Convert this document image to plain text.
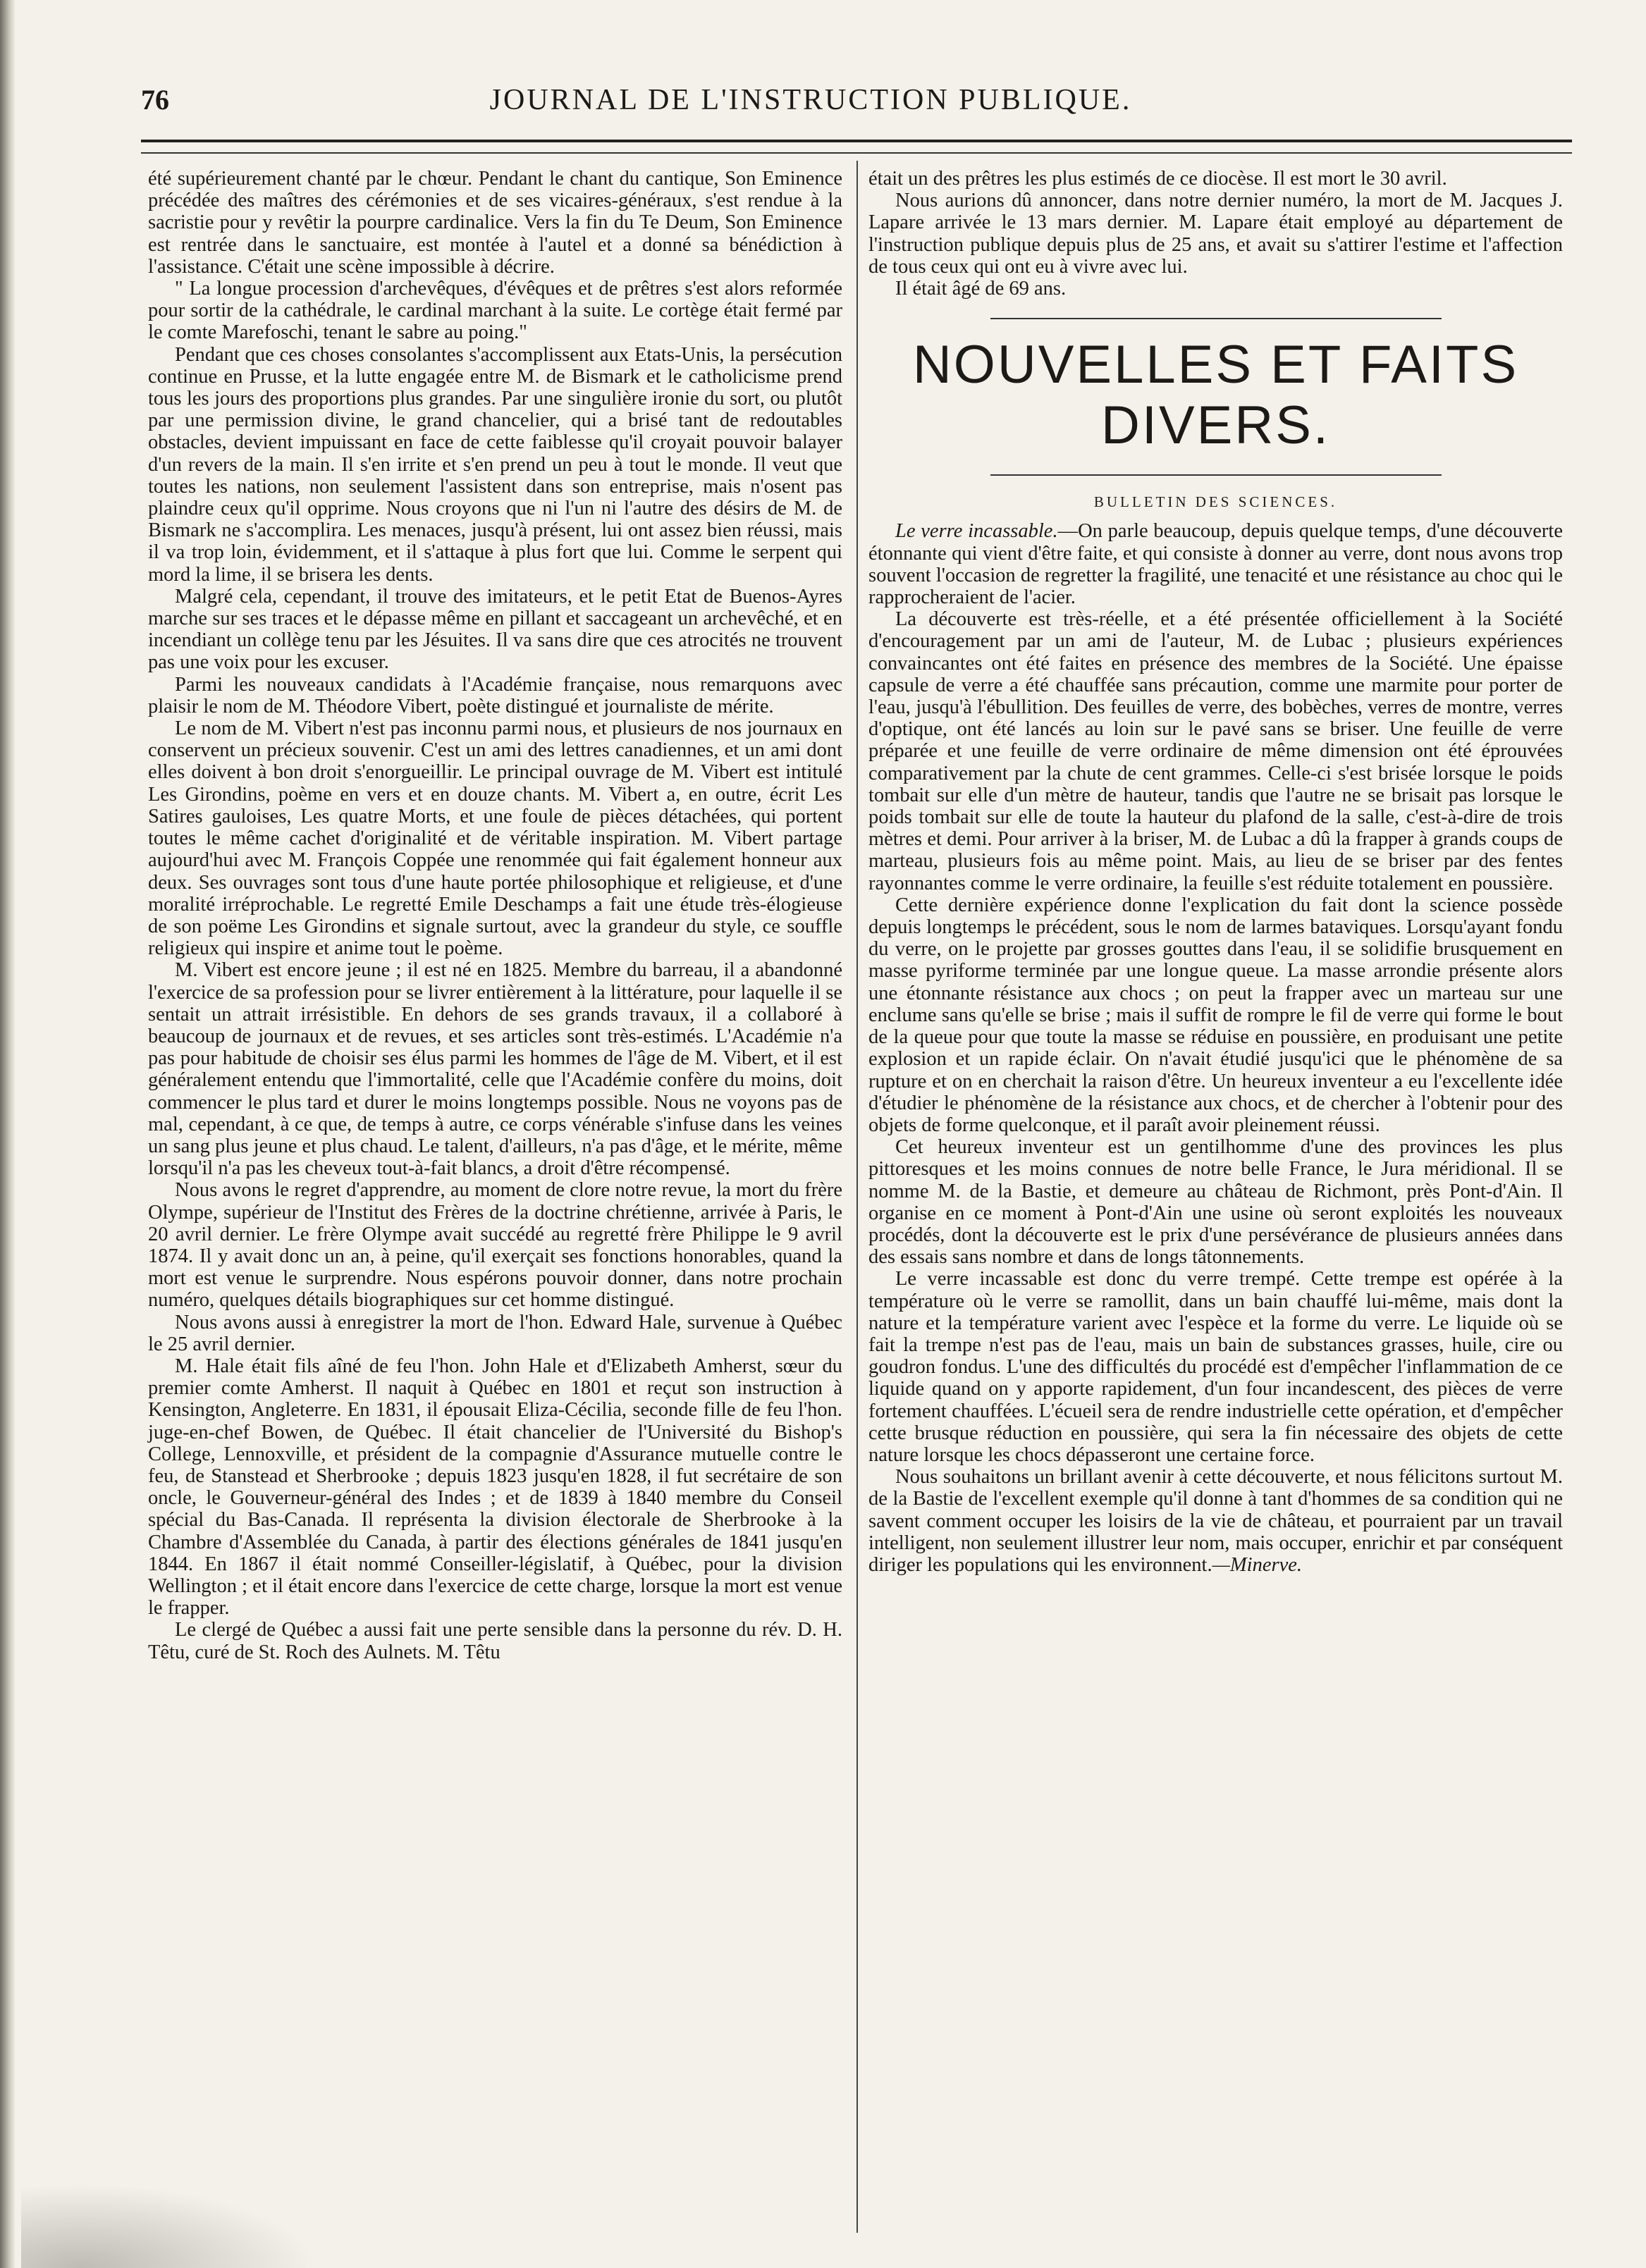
76	JOURNAL DE L'INSTRUCTION PUBLIQUE.

été supérieurement chanté par le chœur. Pendant le chant du cantique, Son Eminence précédée des maîtres des cérémonies et de ses vicaires-généraux, s'est rendue à la sacristie pour y revêtir la pourpre cardinalice. Vers la fin du Te Deum, Son Eminence est rentrée dans le sanctuaire, est montée à l'autel et a donné sa bénédiction à l'assistance. C'était une scène impossible à décrire.

" La longue procession d'archevêques, d'évêques et de prêtres s'est alors reformée pour sortir de la cathédrale, le cardinal marchant à la suite. Le cortège était fermé par le comte Marefoschi, tenant le sabre au poing."

Pendant que ces choses consolantes s'accomplissent aux Etats-Unis, la persécution continue en Prusse, et la lutte engagée entre M. de Bismark et le catholicisme prend tous les jours des proportions plus grandes. Par une singulière ironie du sort, ou plutôt par une permission divine, le grand chancelier, qui a brisé tant de redoutables obstacles, devient impuissant en face de cette faiblesse qu'il croyait pouvoir balayer d'un revers de la main. Il s'en irrite et s'en prend un peu à tout le monde. Il veut que toutes les nations, non seulement l'assistent dans son entreprise, mais n'osent pas plaindre ceux qu'il opprime. Nous croyons que ni l'un ni l'autre des désirs de M. de Bismark ne s'accomplira. Les menaces, jusqu'à présent, lui ont assez bien réussi, mais il va trop loin, évidemment, et il s'attaque à plus fort que lui. Comme le serpent qui mord la lime, il se brisera les dents.

Malgré cela, cependant, il trouve des imitateurs, et le petit Etat de Buenos-Ayres marche sur ses traces et le dépasse même en pillant et saccageant un archevêché, et en incendiant un collège tenu par les Jésuites. Il va sans dire que ces atrocités ne trouvent pas une voix pour les excuser.

Parmi les nouveaux candidats à l'Académie française, nous remarquons avec plaisir le nom de M. Théodore Vibert, poète distingué et journaliste de mérite.

Le nom de M. Vibert n'est pas inconnu parmi nous, et plusieurs de nos journaux en conservent un précieux souvenir. C'est un ami des lettres canadiennes, et un ami dont elles doivent à bon droit s'enorgueillir. Le principal ouvrage de M. Vibert est intitulé Les Girondins, poème en vers et en douze chants. M. Vibert a, en outre, écrit Les Satires gauloises, Les quatre Morts, et une foule de pièces détachées, qui portent toutes le même cachet d'originalité et de véritable inspiration. M. Vibert partage aujourd'hui avec M. François Coppée une renommée qui fait également honneur aux deux. Ses ouvrages sont tous d'une haute portée philosophique et religieuse, et d'une moralité irréprochable. Le regretté Emile Deschamps a fait une étude très-élogieuse de son poëme Les Girondins et signale surtout, avec la grandeur du style, ce souffle religieux qui inspire et anime tout le poème.

M. Vibert est encore jeune ; il est né en 1825. Membre du barreau, il a abandonné l'exercice de sa profession pour se livrer entièrement à la littérature, pour laquelle il se sentait un attrait irrésistible. En dehors de ses grands travaux, il a collaboré à beaucoup de journaux et de revues, et ses articles sont très-estimés. L'Académie n'a pas pour habitude de choisir ses élus parmi les hommes de l'âge de M. Vibert, et il est généralement entendu que l'immortalité, celle que l'Académie confère du moins, doit commencer le plus tard et durer le moins longtemps possible. Nous ne voyons pas de mal, cependant, à ce que, de temps à autre, ce corps vénérable s'infuse dans les veines un sang plus jeune et plus chaud. Le talent, d'ailleurs, n'a pas d'âge, et le mérite, même lorsqu'il n'a pas les cheveux tout-à-fait blancs, a droit d'être récompensé.

Nous avons le regret d'apprendre, au moment de clore notre revue, la mort du frère Olympe, supérieur de l'Institut des Frères de la doctrine chrétienne, arrivée à Paris, le 20 avril dernier. Le frère Olympe avait succédé au regretté frère Philippe le 9 avril 1874. Il y avait donc un an, à peine, qu'il exerçait ses fonctions honorables, quand la mort est venue le surprendre. Nous espérons pouvoir donner, dans notre prochain numéro, quelques détails biographiques sur cet homme distingué.

Nous avons aussi à enregistrer la mort de l'hon. Edward Hale, survenue à Québec le 25 avril dernier.

M. Hale était fils aîné de feu l'hon. John Hale et d'Elizabeth Amherst, sœur du premier comte Amherst. Il naquit à Québec en 1801 et reçut son instruction à Kensington, Angleterre. En 1831, il épousait Eliza-Cécilia, seconde fille de feu l'hon. juge-en-chef Bowen, de Québec. Il était chancelier de l'Université du Bishop's College, Lennoxville, et président de la compagnie d'Assurance mutuelle contre le feu, de Stanstead et Sherbrooke ; depuis 1823 jusqu'en 1828, il fut secrétaire de son oncle, le Gouverneur-général des Indes ; et de 1839 à 1840 membre du Conseil spécial du Bas-Canada. Il représenta la division électorale de Sherbrooke à la Chambre d'Assemblée du Canada, à partir des élections générales de 1841 jusqu'en 1844. En 1867 il était nommé Conseiller-législatif, à Québec, pour la division Wellington ; et il était encore dans l'exercice de cette charge, lorsque la mort est venue le frapper.

Le clergé de Québec a aussi fait une perte sensible dans la personne du rév. D. H. Têtu, curé de St. Roch des Aulnets. M. Têtu

était un des prêtres les plus estimés de ce diocèse. Il est mort le 30 avril.

Nous aurions dû annoncer, dans notre dernier numéro, la mort de M. Jacques J. Lapare arrivée le 13 mars dernier. M. Lapare était employé au département de l'instruction publique depuis plus de 25 ans, et avait su s'attirer l'estime et l'affection de tous ceux qui ont eu à vivre avec lui.

Il était âgé de 69 ans.

NOUVELLES ET FAITS DIVERS.
BULLETIN DES SCIENCES.

Le verre incassable.—On parle beaucoup, depuis quelque temps, d'une découverte étonnante qui vient d'être faite, et qui consiste à donner au verre, dont nous avons trop souvent l'occasion de regretter la fragilité, une tenacité et une résistance au choc qui le rapprocheraient de l'acier.

La découverte est très-réelle, et a été présentée officiellement à la Société d'encouragement par un ami de l'auteur, M. de Lubac ; plusieurs expériences convaincantes ont été faites en présence des membres de la Société. Une épaisse capsule de verre a été chauffée sans précaution, comme une marmite pour porter de l'eau, jusqu'à l'ébullition. Des feuilles de verre, des bobèches, verres de montre, verres d'optique, ont été lancés au loin sur le pavé sans se briser. Une feuille de verre préparée et une feuille de verre ordinaire de même dimension ont été éprouvées comparativement par la chute de cent grammes. Celle-ci s'est brisée lorsque le poids tombait sur elle d'un mètre de hauteur, tandis que l'autre ne se brisait pas lorsque le poids tombait sur elle de toute la hauteur du plafond de la salle, c'est-à-dire de trois mètres et demi. Pour arriver à la briser, M. de Lubac a dû la frapper à grands coups de marteau, plusieurs fois au même point. Mais, au lieu de se briser par des fentes rayonnantes comme le verre ordinaire, la feuille s'est réduite totalement en poussière.

Cette dernière expérience donne l'explication du fait dont la science possède depuis longtemps le précédent, sous le nom de larmes bataviques. Lorsqu'ayant fondu du verre, on le projette par grosses gouttes dans l'eau, il se solidifie brusquement en masse pyriforme terminée par une longue queue. La masse arrondie présente alors une étonnante résistance aux chocs ; on peut la frapper avec un marteau sur une enclume sans qu'elle se brise ; mais il suffit de rompre le fil de verre qui forme le bout de la queue pour que toute la masse se réduise en poussière, en produisant une petite explosion et un rapide éclair. On n'avait étudié jusqu'ici que le phénomène de sa rupture et on en cherchait la raison d'être. Un heureux inventeur a eu l'excellente idée d'étudier le phénomène de la résistance aux chocs, et de chercher à l'obtenir pour des objets de forme quelconque, et il paraît avoir pleinement réussi.

Cet heureux inventeur est un gentilhomme d'une des provinces les plus pittoresques et les moins connues de notre belle France, le Jura méridional. Il se nomme M. de la Bastie, et demeure au château de Richmont, près Pont-d'Ain. Il organise en ce moment à Pont-d'Ain une usine où seront exploités les nouveaux procédés, dont la découverte est le prix d'une persévérance de plusieurs années dans des essais sans nombre et dans de longs tâtonnements.

Le verre incassable est donc du verre trempé. Cette trempe est opérée à la température où le verre se ramollit, dans un bain chauffé lui-même, mais dont la nature et la température varient avec l'espèce et la forme du verre. Le liquide où se fait la trempe n'est pas de l'eau, mais un bain de substances grasses, huile, cire ou goudron fondus. L'une des difficultés du procédé est d'empêcher l'inflammation de ce liquide quand on y apporte rapidement, d'un four incandescent, des pièces de verre fortement chauffées. L'écueil sera de rendre industrielle cette opération, et d'empêcher cette brusque réduction en poussière, qui sera la fin nécessaire des objets de cette nature lorsque les chocs dépasseront une certaine force.

Nous souhaitons un brillant avenir à cette découverte, et nous félicitons surtout M. de la Bastie de l'excellent exemple qu'il donne à tant d'hommes de sa condition qui ne savent comment occuper les loisirs de la vie de château, et pourraient par un travail intelligent, non seulement illustrer leur nom, mais occuper, enrichir et par conséquent diriger les populations qui les environnent.—Minerve.
